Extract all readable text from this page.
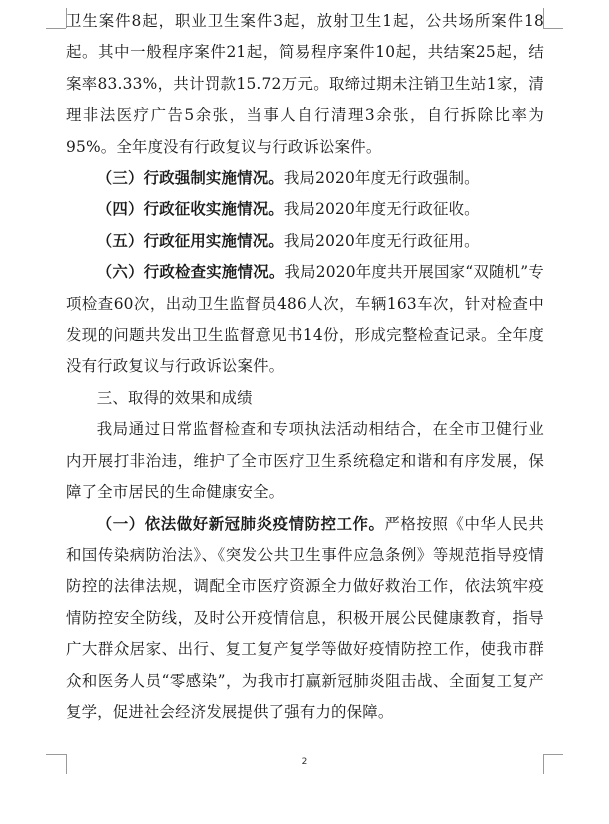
卫生案件8起，职业卫生案件3起，放射卫生1起，公共场所案件18起。其中一般程序案件21起，简易程序案件10起，共结案25起，结案率83.33%，共计罚款15.72万元。取缔过期未注销卫生站1家，清理非法医疗广告5余张，当事人自行清理3余张，自行拆除比率为95%。全年度没有行政复议与行政诉讼案件。

（三）行政强制实施情况。我局2020年度无行政强制。

（四）行政征收实施情况。我局2020年度无行政征收。

（五）行政征用实施情况。我局2020年度无行政征用。

（六）行政检查实施情况。我局2020年度共开展国家“双随机”专项检查60次，出动卫生监督员486人次，车辆163车次，针对检查中发现的问题共发出卫生监督意见书14份，形成完整检查记录。全年度没有行政复议与行政诉讼案件。

三、取得的效果和成绩

我局通过日常监督检查和专项执法活动相结合，在全市卫健行业内开展打非治违，维护了全市医疗卫生系统稳定和谐和有序发展，保障了全市居民的生命健康安全。

（一）依法做好新冠肺炎疫情防控工作。严格按照《中华人民共和国传染病防治法》、《突发公共卫生事件应急条例》等规范指导疫情防控的法律法规，调配全市医疗资源全力做好救治工作，依法筑牢疫情防控安全防线，及时公开疫情信息，积极开展公民健康教育，指导广大群众居家、出行、复工复产复学等做好疫情防控工作，使我市群众和医务人员“零感染”，为我市打赢新冠肺炎阻击战、全面复工复产复学，促进社会经济发展提供了强有力的保障。

2
